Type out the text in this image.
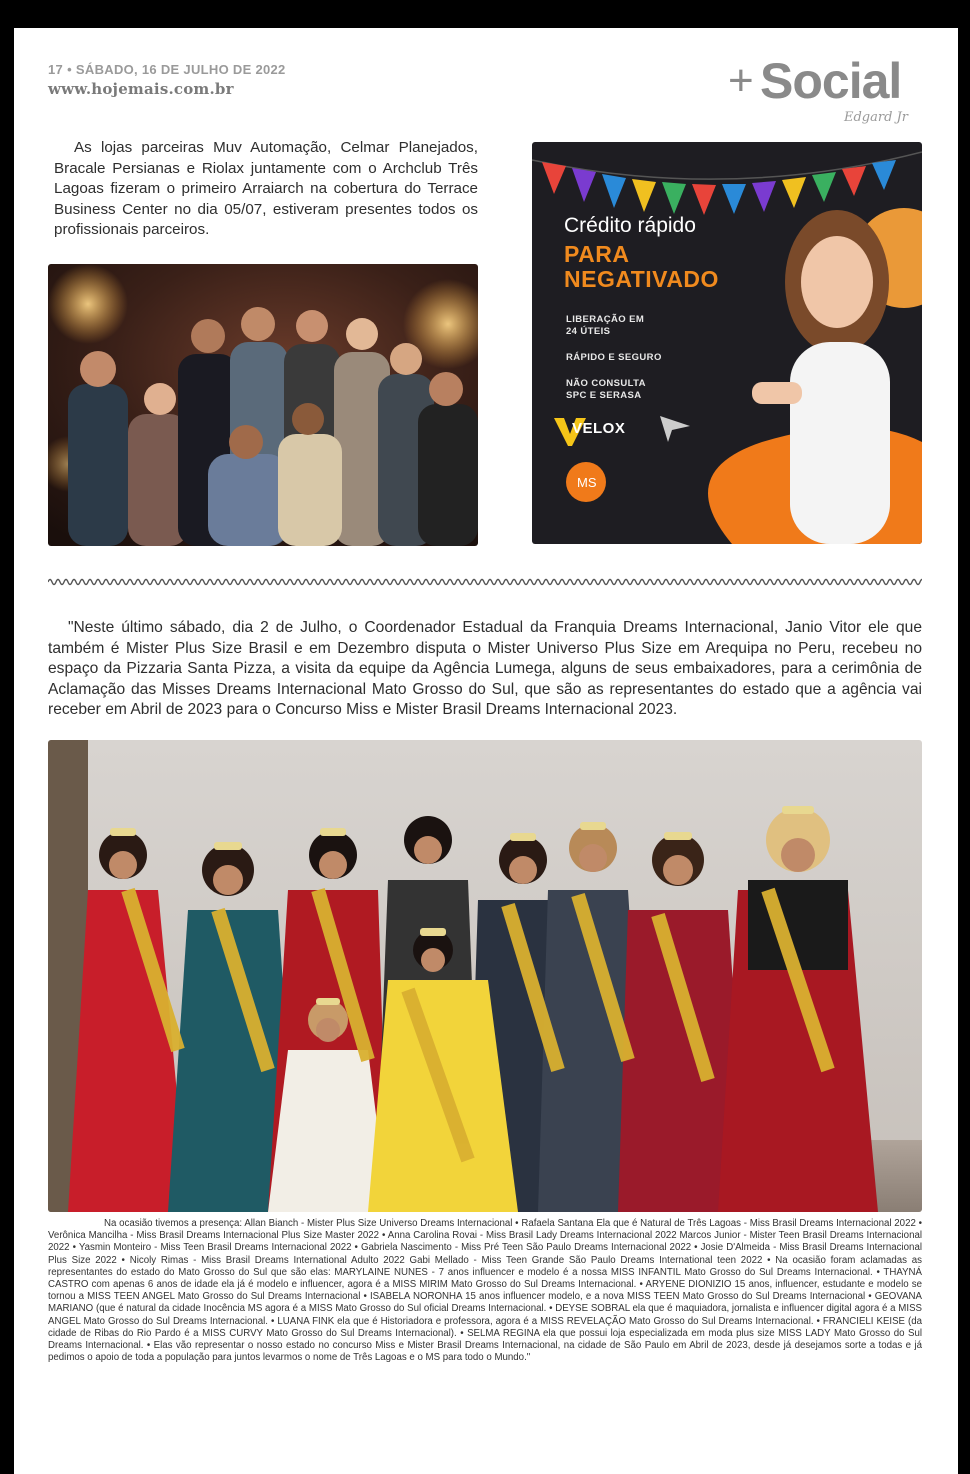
17 • SÁBADO, 16 DE JULHO DE 2022
www.hojemais.com.br	+ Social
Edgard Jr
As lojas parceiras Muv Automação, Celmar Planejados, Bracale Persianas e Riolax juntamente com o Archclub Três Lagoas fizeram o primeiro Arraiarch na cobertura do Terrace Business Center no dia 05/07, estiveram presentes todos os profissionais parceiros.
MS
Crédito rápido
PARA
NEGATIVADO
LIBERAÇÃO EM
24 ÚTEIS
RÁPIDO E SEGURO
NÃO CONSULTA
SPC E SERASA
VELOX
"Neste último sábado, dia 2 de Julho, o Coordenador Estadual da Franquia Dreams Internacional, Janio Vitor ele que também é Mister Plus Size Brasil e em Dezembro disputa o Mister Universo Plus Size em Arequipa no Peru, recebeu no espaço da Pizzaria Santa Pizza, a visita da equipe da Agência Lumega, alguns de seus embaixadores, para a cerimônia de Aclamação das Misses Dreams Internacional Mato Grosso do Sul, que são as representantes do estado que a agência vai receber em Abril de 2023 para o Concurso Miss e Mister Brasil Dreams Internacional 2023.
Na ocasião tivemos a presença: Allan Bianch - Mister Plus Size Universo Dreams Internacional • Rafaela Santana Ela que é Natural de Três Lagoas - Miss Brasil Dreams Internacional 2022 • Verônica Mancilha - Miss Brasil Dreams Internacional Plus Size Master 2022 • Anna Carolina Rovai - Miss Brasil Lady Dreams Internacional 2022 Marcos Junior - Mister Teen Brasil Dreams Internacional 2022 • Yasmin Monteiro - Miss Teen Brasil Dreams Internacional 2022 • Gabriela Nascimento - Miss Pré Teen São Paulo Dreams Internacional 2022 • Josie D'Almeida - Miss Brasil Dreams Internacional Plus Size 2022 • Nicoly Rimas - Miss Brasil Dreams International Adulto 2022 Gabi Mellado - Miss Teen Grande São Paulo Dreams International teen 2022 • Na ocasião foram aclamadas as representantes do estado do Mato Grosso do Sul que são elas: MARYLAINE NUNES - 7 anos influencer e modelo é a nossa MISS INFANTIL Mato Grosso do Sul Dreams Internacional. • THAYNÁ CASTRO com apenas 6 anos de idade ela já é modelo e influencer, agora é a MISS MIRIM Mato Grosso do Sul Dreams Internacional. • ARYENE DIONIZIO 15 anos, influencer, estudante e modelo se tornou a MISS TEEN ANGEL Mato Grosso do Sul Dreams Internacional • ISABELA NORONHA 15 anos influencer modelo, e a nova MISS TEEN Mato Grosso do Sul Dreams Internacional • GEOVANA MARIANO (que é natural da cidade Inocência MS agora é a MISS Mato Grosso do Sul oficial Dreams Internacional. • DEYSE SOBRAL ela que é maquiadora, jornalista e influencer digital agora é a MISS ANGEL Mato Grosso do Sul Dreams Internacional. • LUANA FINK ela que é Historiadora e professora, agora é a MISS REVELAÇÃO Mato Grosso do Sul Dreams Internacional. • FRANCIELI KEISE (da cidade de Ribas do Rio Pardo é a MISS CURVY Mato Grosso do Sul Dreams Internacional). • SELMA REGINA ela que possui loja especializada em moda plus size MISS LADY Mato Grosso do Sul Dreams Internacional. • Elas vão representar o nosso estado no concurso Miss e Mister Brasil Dreams Internacional, na cidade de São Paulo em Abril de 2023, desde já desejamos sorte a todas e já pedimos o apoio de toda a população para juntos levarmos o nome de Três Lagoas e o MS para todo o Mundo."
